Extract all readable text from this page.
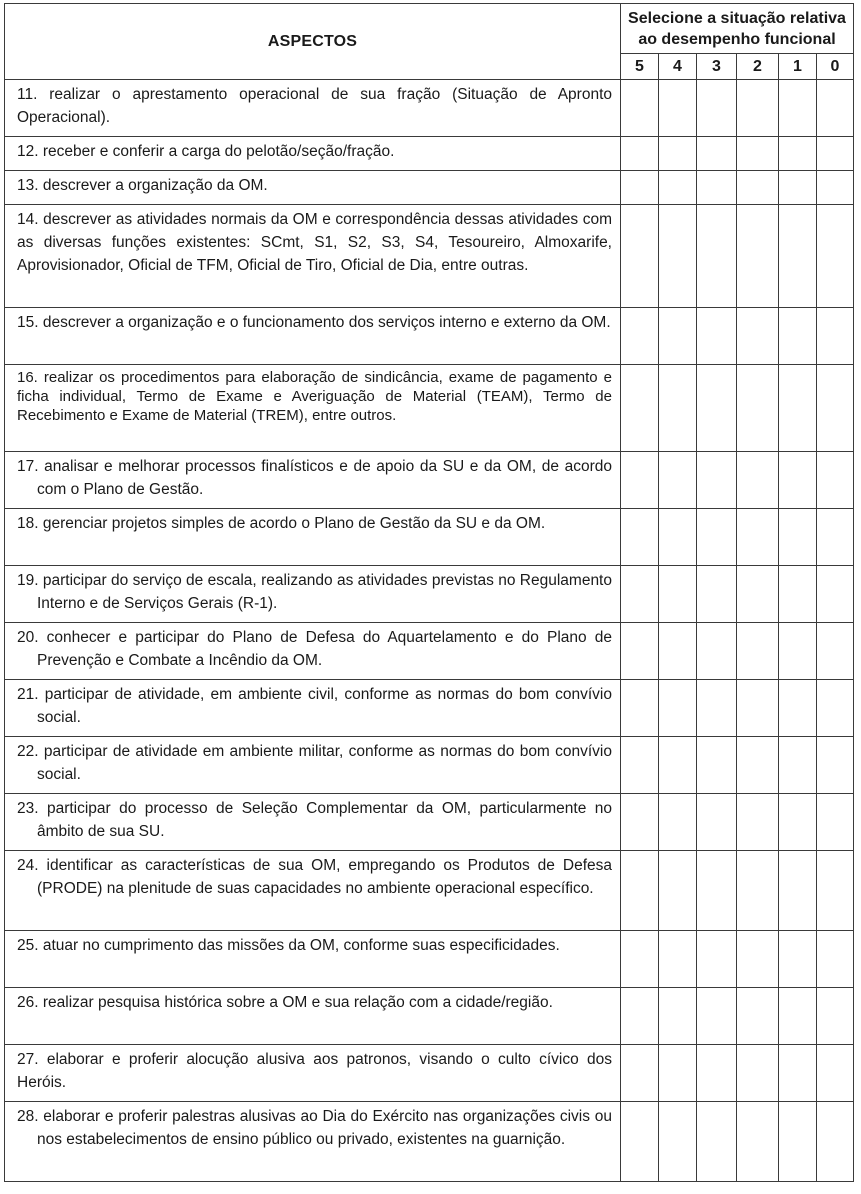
ASPECTOS	Selecione a situação relativa
ao desempenho funcional					

	5	4	3	2	1	0

11. realizar o aprestamento operacional de sua fração (Situação de Apronto Operacional).						

12. receber e conferir a carga do pelotão/seção/fração.						

13. descrever a organização da OM.						

14. descrever as atividades normais da OM e correspondência dessas atividades com as diversas funções existentes: SCmt, S1, S2, S3, S4, Tesoureiro, Almoxarife, Aprovisionador, Oficial de TFM, Oficial de Tiro, Oficial de Dia, entre outras.						

15. descrever a organização e o funcionamento dos serviços interno e externo da OM.						

16. realizar os procedimentos para elaboração de sindicância, exame de pagamento e ficha individual, Termo de Exame e Averiguação de Material (TEAM), Termo de Recebimento e Exame de Material (TREM), entre outros.						

17. analisar e melhorar processos finalísticos e de apoio da SU e da OM, de acordo com o Plano de Gestão.						

18. gerenciar projetos simples de acordo o Plano de Gestão da SU e da OM.						

19. participar do serviço de escala, realizando as atividades previstas no Regulamento Interno e de Serviços Gerais (R-1).						

20. conhecer e participar do Plano de Defesa do Aquartelamento e do Plano de Prevenção e Combate a Incêndio da OM.						

21. participar de atividade, em ambiente civil, conforme as normas do bom convívio social.						

22. participar de atividade em ambiente militar, conforme as normas do bom convívio social.						

23. participar do processo de Seleção Complementar da OM, particularmente no âmbito de sua SU.						

24. identificar as características de sua OM, empregando os Produtos de Defesa (PRODE) na plenitude de suas capacidades no ambiente operacional específico.						

25. atuar no cumprimento das missões da OM, conforme suas especificidades.						

26. realizar pesquisa histórica sobre a OM e sua relação com a cidade/região.						

27. elaborar e proferir alocução alusiva aos patronos, visando o culto cívico dos Heróis.						

28. elaborar e proferir palestras alusivas ao Dia do Exército nas organizações civis ou nos estabelecimentos de ensino público ou privado, existentes na guarnição.						
